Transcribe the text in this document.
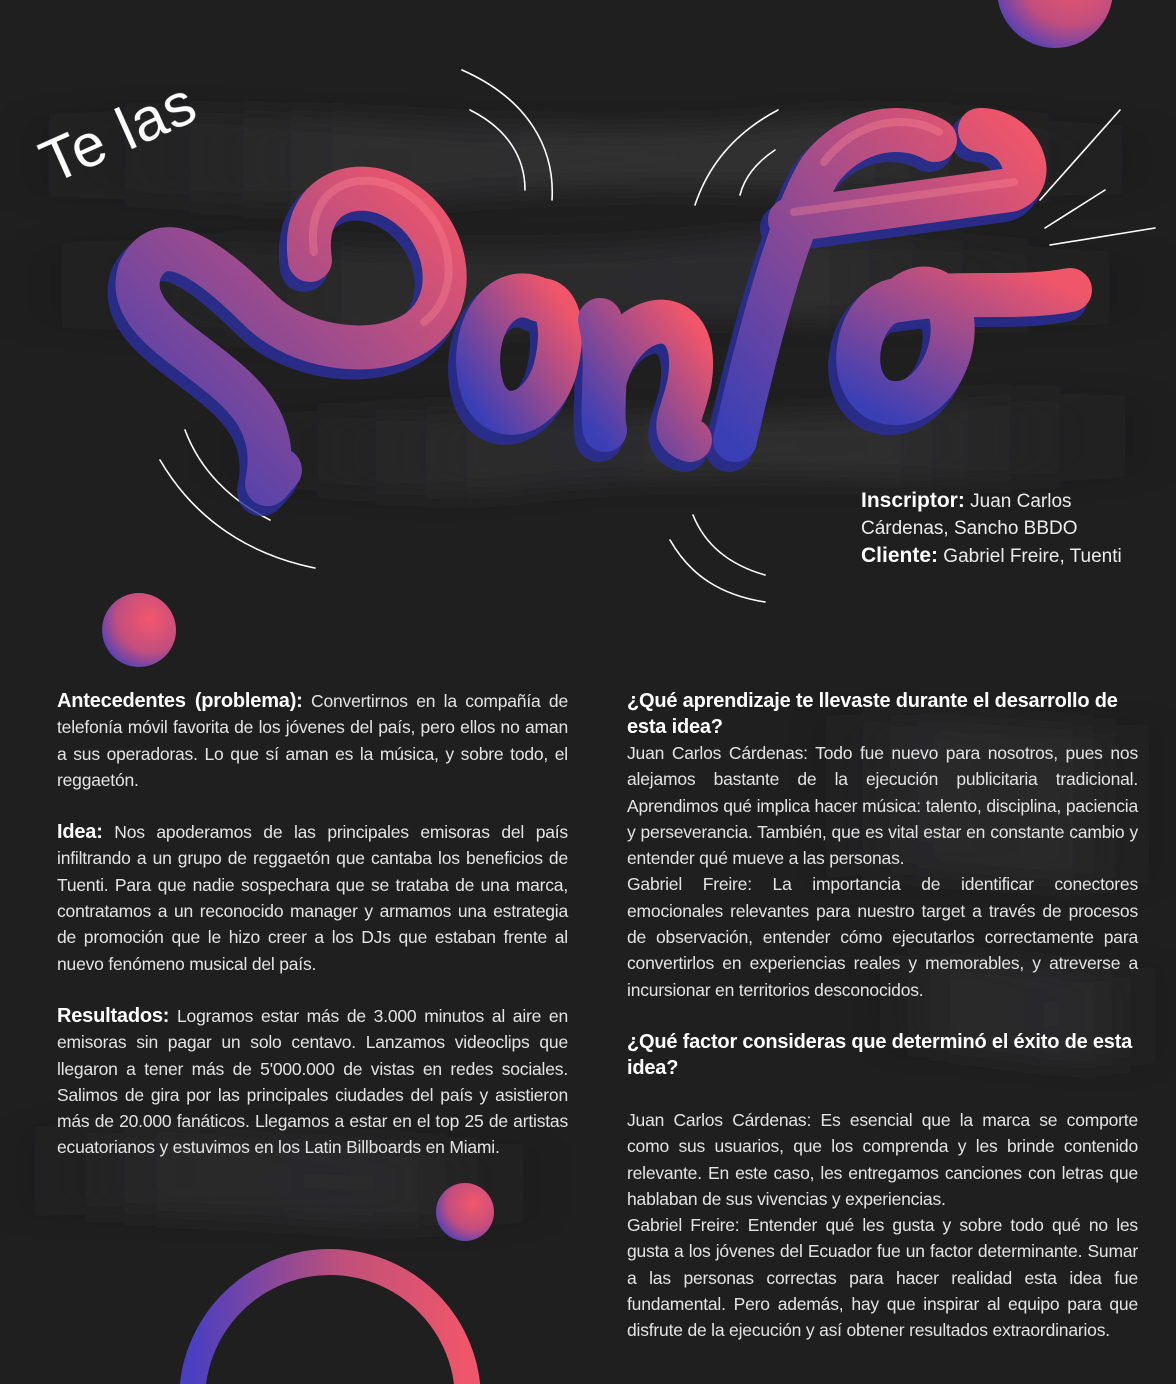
Te las
Inscriptor: Juan Carlos Cárdenas, Sancho BBDO
Cliente: Gabriel Freire, Tuenti

Antecedentes (problema): Convertirnos en la compañía de telefonía móvil favorita de los jóvenes del país, pero ellos no aman a sus operadoras. Lo que sí aman es la música, y sobre todo, el reggaetón.

Idea: Nos apoderamos de las principales emisoras del país infiltrando a un grupo de reggaetón que cantaba los beneficios de Tuenti. Para que nadie sospechara que se trataba de una marca, contratamos a un reconocido manager y armamos una estrategia de promoción que le hizo creer a los DJs que estaban frente al nuevo fenómeno musical del país.

Resultados: Logramos estar más de 3.000 minutos al aire en emisoras sin pagar un solo centavo. Lanzamos videoclips que llegaron a tener más de 5'000.000 de vistas en redes sociales. Salimos de gira por las principales ciudades del país y asistieron más de 20.000 fanáticos. Llegamos a estar en el top 25 de artistas ecuatorianos y estuvimos en los Latin Billboards en Miami.

¿Qué aprendizaje te llevaste durante el desarrollo de esta idea?

Juan Carlos Cárdenas: Todo fue nuevo para nosotros, pues nos alejamos bastante de la ejecución publicitaria tradicional. Aprendimos qué implica hacer música: talento, disciplina, paciencia y perseverancia. También, que es vital estar en constante cambio y entender qué mueve a las personas.

Gabriel Freire: La importancia de identificar conectores emocionales relevantes para nuestro target a través de procesos de observación, entender cómo ejecutarlos correctamente para convertirlos en experiencias reales y memorables, y atreverse a incursionar en territorios desconocidos.

¿Qué factor consideras que determinó el éxito de esta idea?

Juan Carlos Cárdenas: Es esencial que la marca se comporte como sus usuarios, que los comprenda y les brinde contenido relevante. En este caso, les entregamos canciones con letras que hablaban de sus vivencias y experiencias.

Gabriel Freire: Entender qué les gusta y sobre todo qué no les gusta a los jóvenes del Ecuador fue un factor determinante. Sumar a las personas correctas para hacer realidad esta idea fue fundamental. Pero además, hay que inspirar al equipo para que disfrute de la ejecución y así obtener resultados extraordinarios.
